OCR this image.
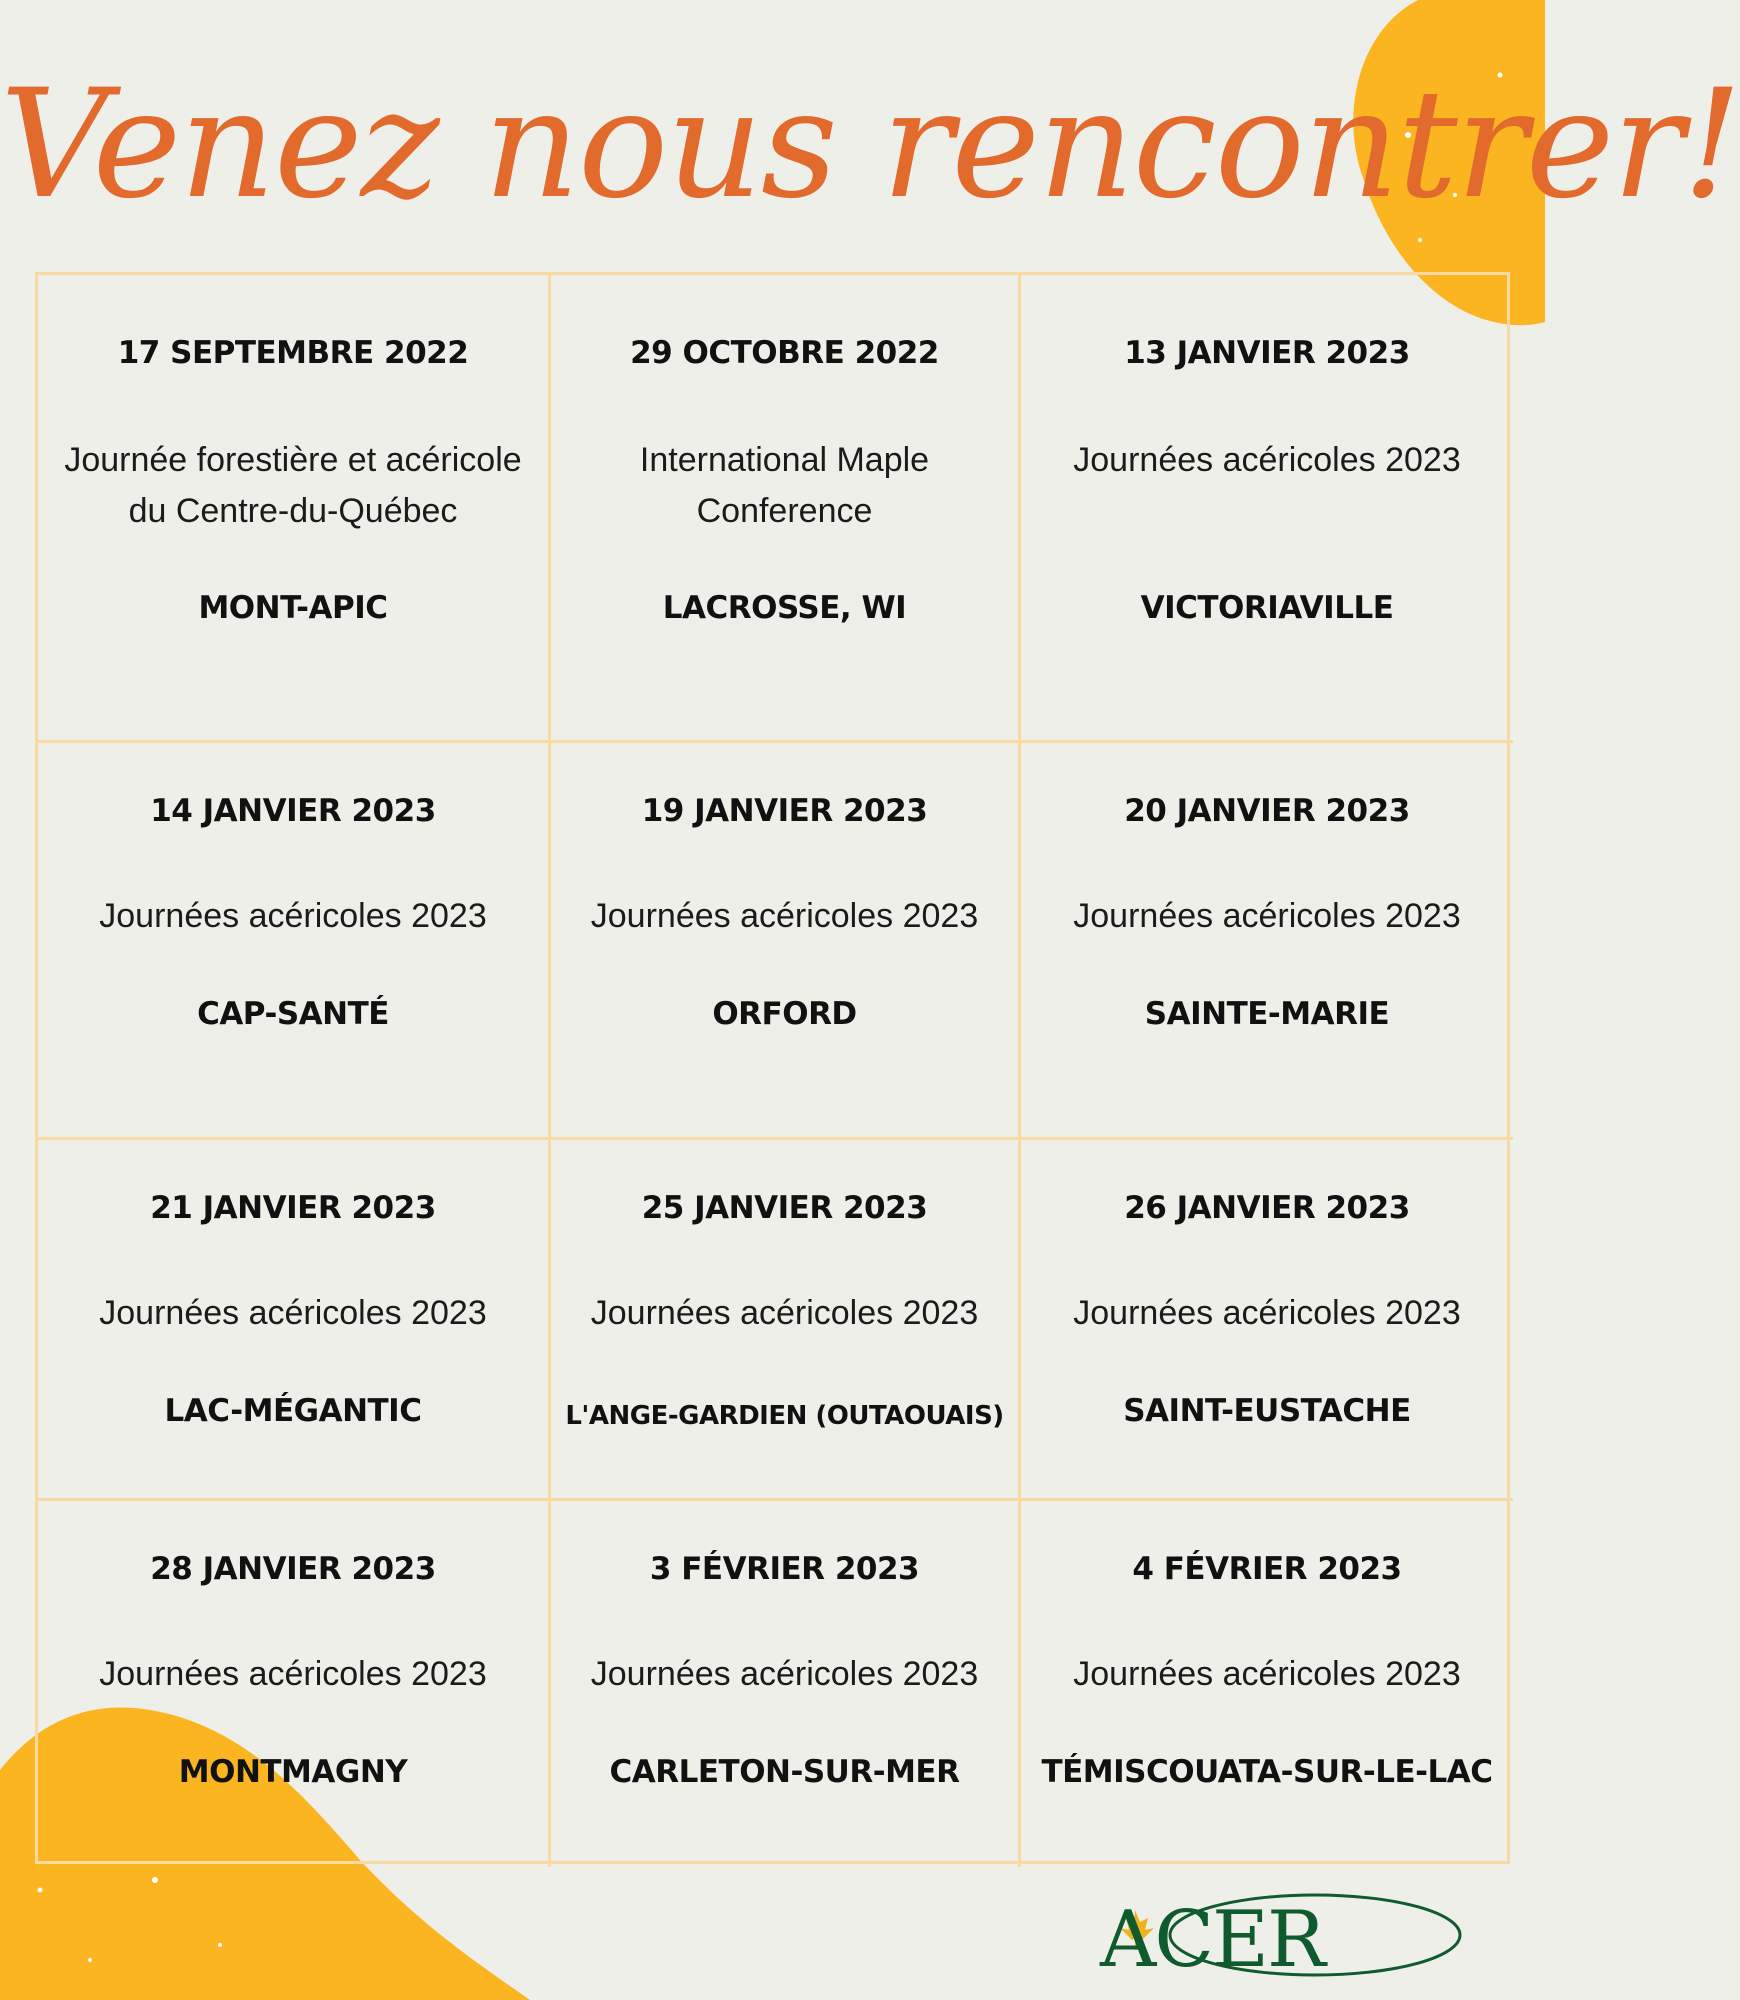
Venez nous rencontrer!
17 SEPTEMBRE 2022
Journée forestière et acéricole
du Centre-du-Québec
MONT-APIC
29 OCTOBRE 2022
International Maple
Conference
LACROSSE, WI
13 JANVIER 2023
Journées acéricoles 2023
VICTORIAVILLE
14 JANVIER 2023
Journées acéricoles 2023
CAP-SANTÉ
19 JANVIER 2023
Journées acéricoles 2023
ORFORD
20 JANVIER 2023
Journées acéricoles 2023
SAINTE-MARIE
21 JANVIER 2023
Journées acéricoles 2023
LAC-MÉGANTIC
25 JANVIER 2023
Journées acéricoles 2023
L'ANGE-GARDIEN (OUTAOUAIS)
26 JANVIER 2023
Journées acéricoles 2023
SAINT-EUSTACHE
28 JANVIER 2023
Journées acéricoles 2023
MONTMAGNY
3 FÉVRIER 2023
Journées acéricoles 2023
CARLETON-SUR-MER
4 FÉVRIER 2023
Journées acéricoles 2023
TÉMISCOUATA-SUR-LE-LAC
ACER
